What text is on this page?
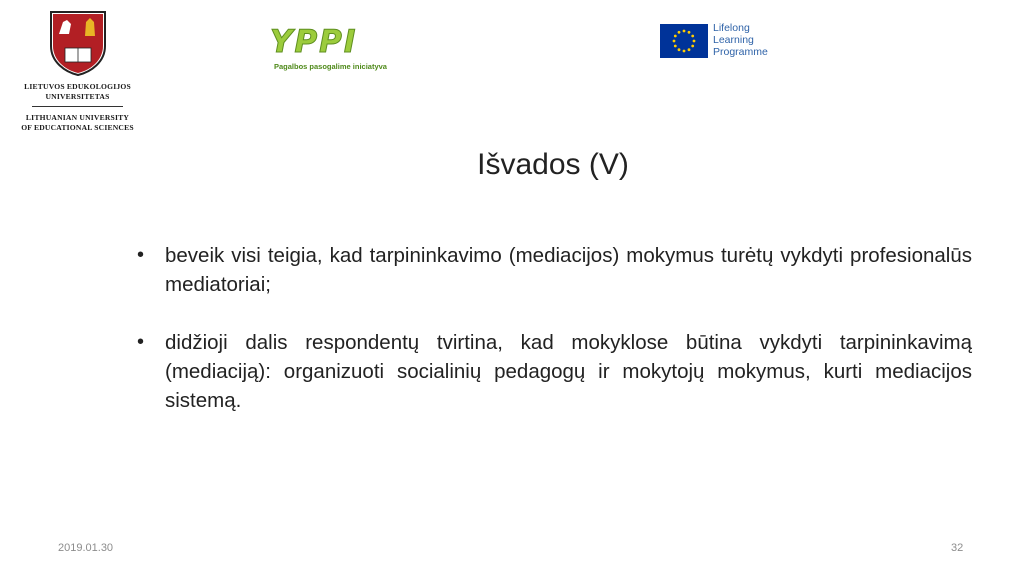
LIETUVOS EDUKOLOGIJOS
UNIVERSITETAS
LITHUANIAN UNIVERSITY
OF EDUCATIONAL SCIENCES
YPPI
Pagalbos pasogalime iniciatyva
Lifelong
Learning
Programme
Išvados (V)
•	beveik visi teigia, kad tarpininkavimo (mediacijos) mokymus turėtų vykdyti profesionalūs mediatoriai;
•	didžioji dalis respondentų tvirtina, kad mokyklose būtina vykdyti tarpininkavimą (mediaciją): organizuoti socialinių pedagogų ir mokytojų mokymus, kurti mediacijos sistemą.
2019.01.30	32
